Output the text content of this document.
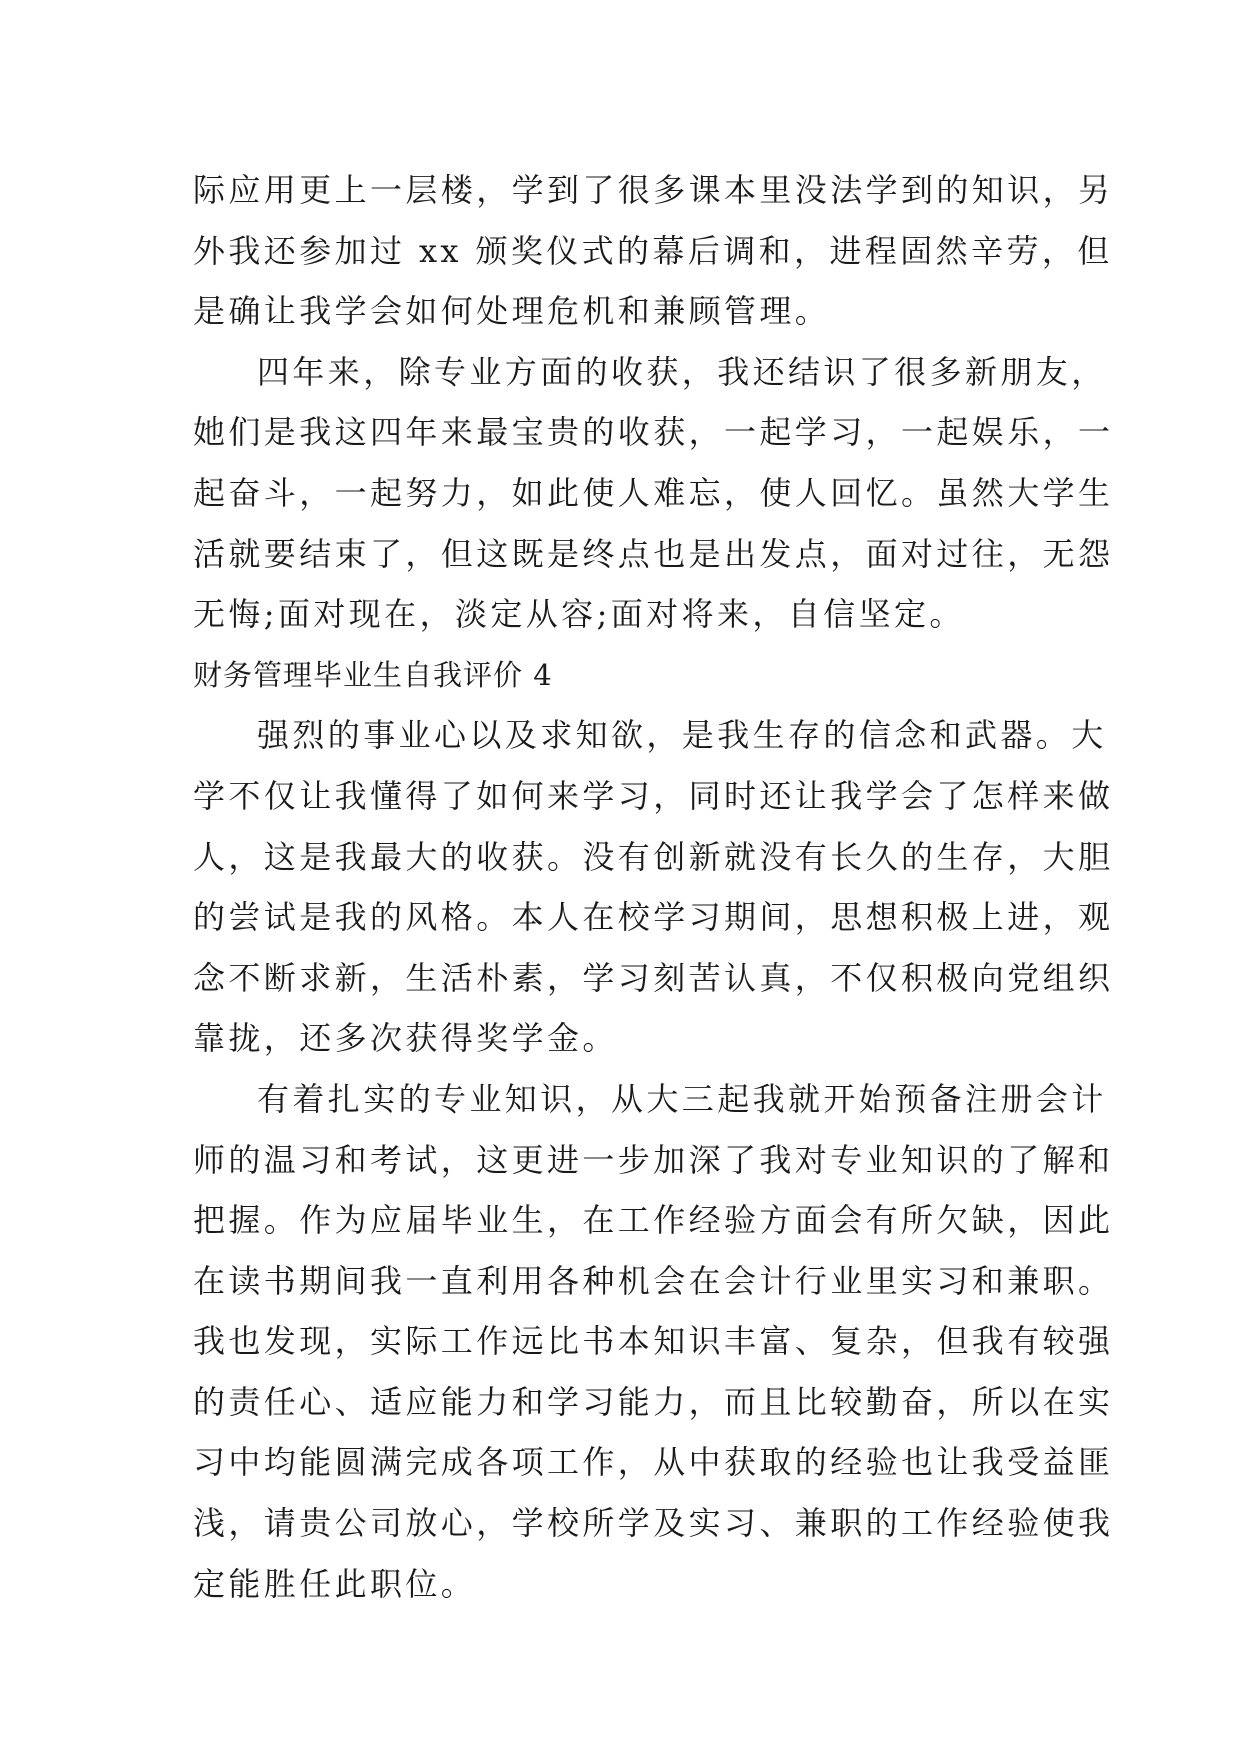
际应用更上一层楼，学到了很多课本里没法学到的知识，另
外我还参加过 xx 颁奖仪式的幕后调和，进程固然辛劳，但
是确让我学会如何处理危机和兼顾管理。
四年来，除专业方面的收获，我还结识了很多新朋友，
她们是我这四年来最宝贵的收获，一起学习，一起娱乐，一
起奋斗，一起努力，如此使人难忘，使人回忆。虽然大学生
活就要结束了，但这既是终点也是出发点，面对过往，无怨
无悔;面对现在，淡定从容;面对将来，自信坚定。
财务管理毕业生自我评价 4
强烈的事业心以及求知欲，是我生存的信念和武器。大
学不仅让我懂得了如何来学习，同时还让我学会了怎样来做
人，这是我最大的收获。没有创新就没有长久的生存，大胆
的尝试是我的风格。本人在校学习期间，思想积极上进，观
念不断求新，生活朴素，学习刻苦认真，不仅积极向党组织
靠拢，还多次获得奖学金。
有着扎实的专业知识，从大三起我就开始预备注册会计
师的温习和考试，这更进一步加深了我对专业知识的了解和
把握。作为应届毕业生，在工作经验方面会有所欠缺，因此
在读书期间我一直利用各种机会在会计行业里实习和兼职。
我也发现，实际工作远比书本知识丰富、复杂，但我有较强
的责任心、适应能力和学习能力，而且比较勤奋，所以在实
习中均能圆满完成各项工作，从中获取的经验也让我受益匪
浅，请贵公司放心，学校所学及实习、兼职的工作经验使我
定能胜任此职位。
